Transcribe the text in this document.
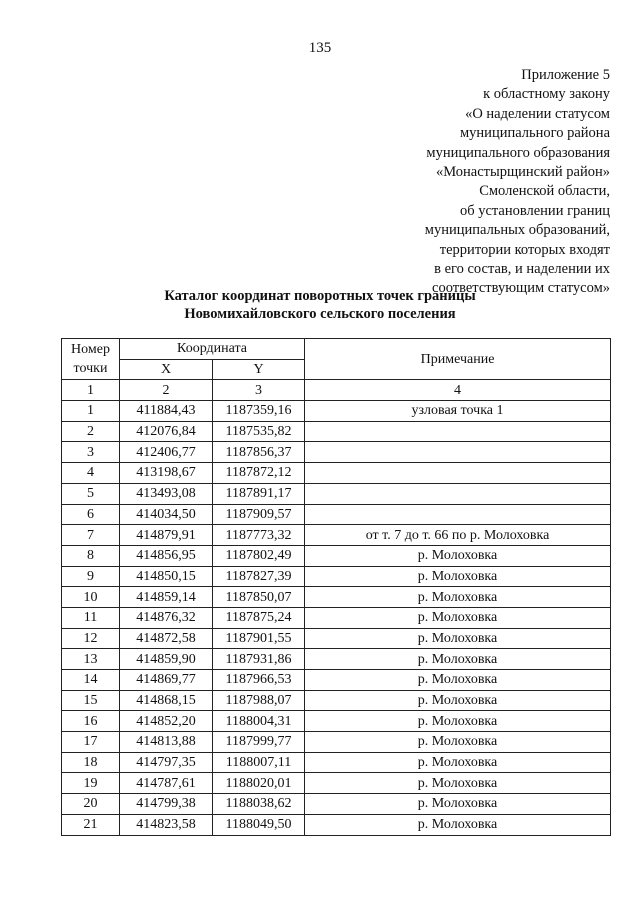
135
Приложение 5
к областному закону
«О наделении статусом
муниципального района
муниципального образования
«Монастырщинский район»
Смоленской области,
об установлении границ
муниципальных образований,
территории которых входят
в его состав, и наделении их
соответствующим статусом»
Каталог координат поворотных точек границы
Новомихайловского сельского поселения
Номер
точки	Координата		Примечание
	X	Y	
1	2	3	4
1	411884,43	1187359,16	узловая точка 1
2	412076,84	1187535,82	
3	412406,77	1187856,37	
4	413198,67	1187872,12	
5	413493,08	1187891,17	
6	414034,50	1187909,57	
7	414879,91	1187773,32	от т. 7 до т. 66 по р. Молоховка
8	414856,95	1187802,49	р. Молоховка
9	414850,15	1187827,39	р. Молоховка
10	414859,14	1187850,07	р. Молоховка
11	414876,32	1187875,24	р. Молоховка
12	414872,58	1187901,55	р. Молоховка
13	414859,90	1187931,86	р. Молоховка
14	414869,77	1187966,53	р. Молоховка
15	414868,15	1187988,07	р. Молоховка
16	414852,20	1188004,31	р. Молоховка
17	414813,88	1187999,77	р. Молоховка
18	414797,35	1188007,11	р. Молоховка
19	414787,61	1188020,01	р. Молоховка
20	414799,38	1188038,62	р. Молоховка
21	414823,58	1188049,50	р. Молоховка
